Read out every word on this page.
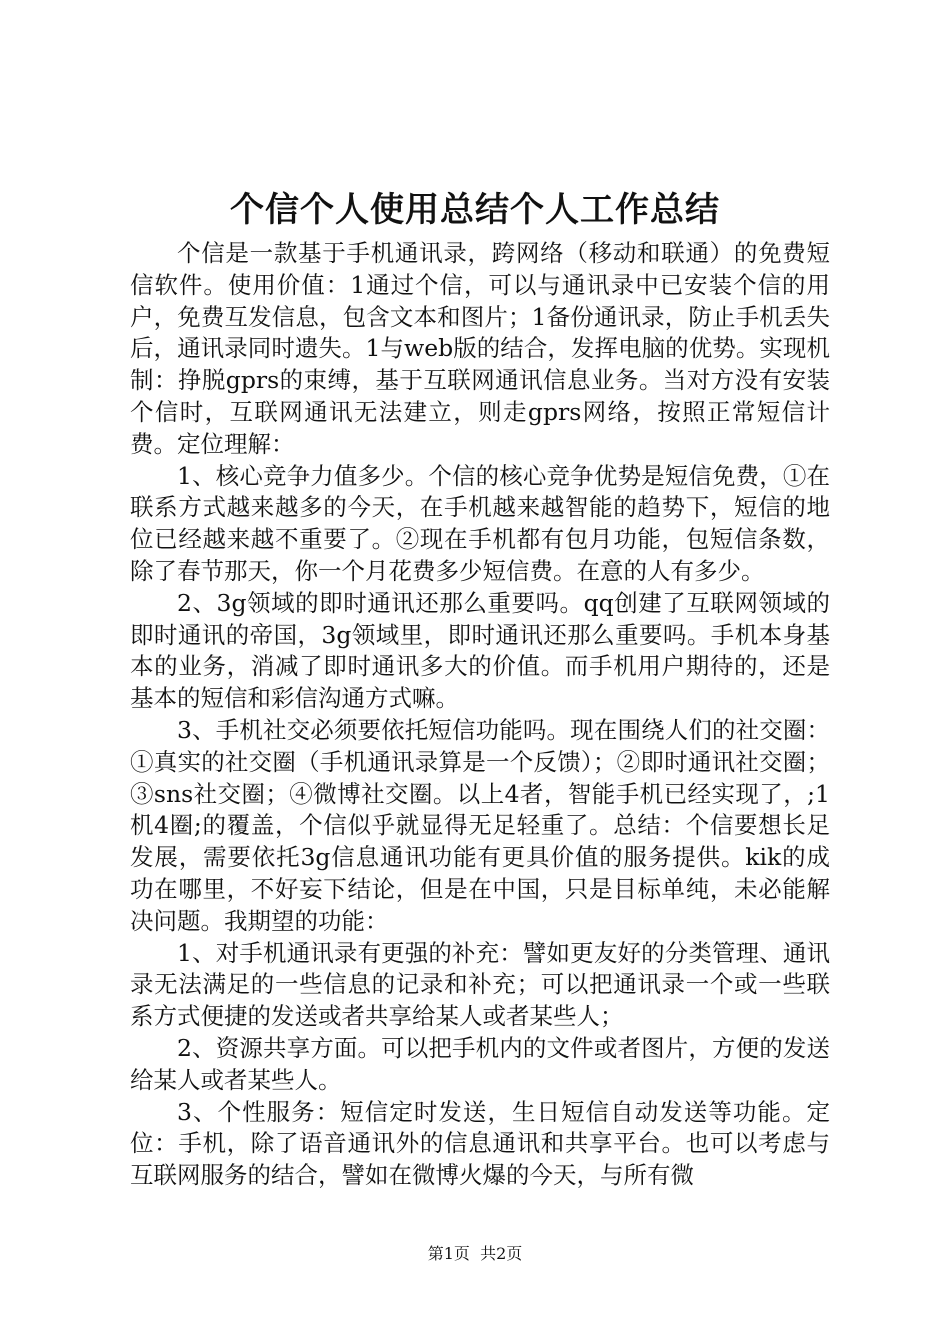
个信个人使用总结个人工作总结

个信是一款基于手机通讯录，跨网络（移动和联通）的免费短信软件。使用价值：1通过个信，可以与通讯录中已安装个信的用户，免费互发信息，包含文本和图片；1备份通讯录，防止手机丢失后，通讯录同时遗失。1与web版的结合，发挥电脑的优势。实现机制：挣脱gprs的束缚，基于互联网通讯信息业务。当对方没有安装个信时，互联网通讯无法建立，则走gprs网络，按照正常短信计费。定位理解：

1、核心竞争力值多少。个信的核心竞争优势是短信免费，①在联系方式越来越多的今天，在手机越来越智能的趋势下，短信的地位已经越来越不重要了。②现在手机都有包月功能，包短信条数，除了春节那天，你一个月花费多少短信费。在意的人有多少。

2、3g领域的即时通讯还那么重要吗。qq创建了互联网领域的即时通讯的帝国，3g领域里，即时通讯还那么重要吗。手机本身基本的业务，消减了即时通讯多大的价值。而手机用户期待的，还是基本的短信和彩信沟通方式嘛。

3、手机社交必须要依托短信功能吗。现在围绕人们的社交圈：①真实的社交圈（手机通讯录算是一个反馈）；②即时通讯社交圈；③sns社交圈；④微博社交圈。以上4者，智能手机已经实现了，;1机4圈;的覆盖，个信似乎就显得无足轻重了。总结：个信要想长足发展，需要依托3g信息通讯功能有更具价值的服务提供。kik的成功在哪里，不好妄下结论，但是在中国，只是目标单纯，未必能解决问题。我期望的功能：

1、对手机通讯录有更强的补充：譬如更友好的分类管理、通讯录无法满足的一些信息的记录和补充；可以把通讯录一个或一些联系方式便捷的发送或者共享给某人或者某些人；

2、资源共享方面。可以把手机内的文件或者图片，方便的发送给某人或者某些人。

3、个性服务：短信定时发送，生日短信自动发送等功能。定位：手机，除了语音通讯外的信息通讯和共享平台。也可以考虑与互联网服务的结合，譬如在微博火爆的今天，与所有微

第1页 共2页
